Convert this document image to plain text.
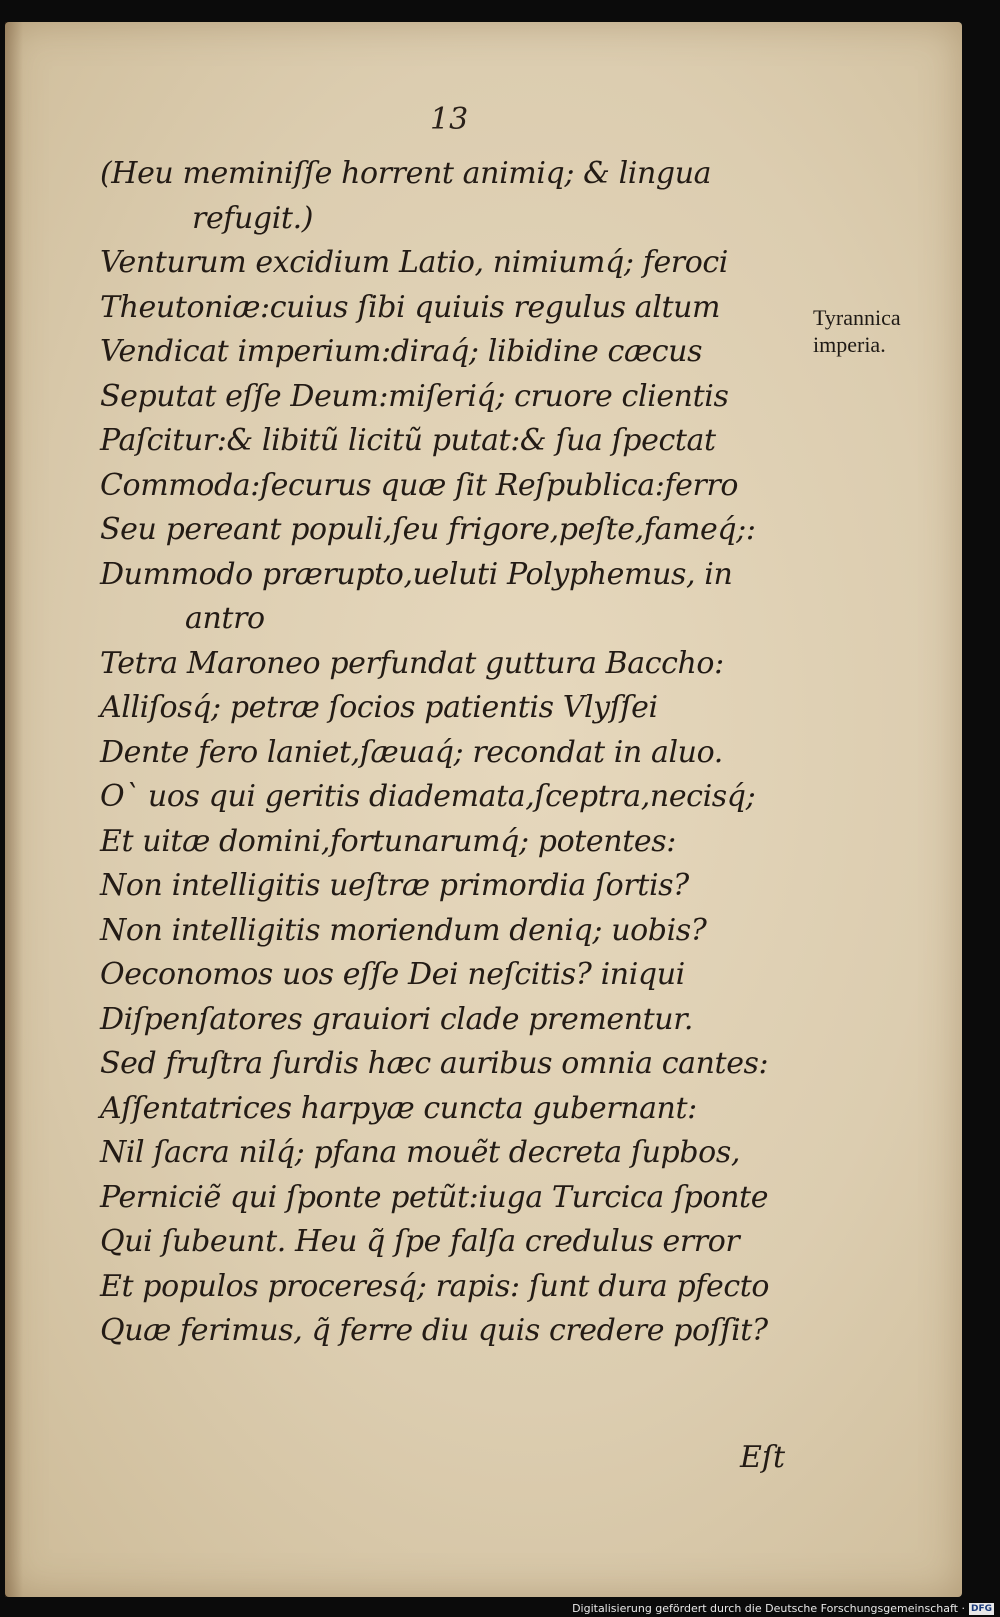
13
(Heu meminiſſe horrent animiq; & lingua
refugit.)
Venturum excidium Latio, nimiumq́; feroci
Theutoniæ:cuius ſibi quiuis regulus altum
Vendicat imperium:diraq́; libidine cæcus
Seputat eſſe Deum:miſeriq́; cruore clientis
Paſcitur:& libitũ licitũ putat:& ſua ſpectat
Commoda:ſecurus quæ ſit Reſpublica:ferro
Seu pereant populi,ſeu frigore,peſte,fameq́;:
Dummodo prærupto,ueluti Polyphemus, in
antro
Tetra Maroneo perfundat guttura Baccho:
Alliſosq́; petræ ſocios patientis Vlyſſei
Dente fero laniet,ſæuaq́; recondat in aluo.
O` uos qui geritis diademata,ſceptra,necisq́;
Et uitæ domini,fortunarumq́; potentes:
Non intelligitis ueſtræ primordia ſortis?
Non intelligitis moriendum deniq; uobis?
Oeconomos uos eſſe Dei neſcitis? iniqui
Diſpenſatores grauiori clade prementur.
Sed fruſtra ſurdis hæc auribus omnia cantes:
Aſſentatrices harpyæ cuncta gubernant:
Nil ſacra nilq́; pfana mouẽt decreta ſupbos,
Perniciẽ qui ſponte petũt:iuga Turcica ſponte
Qui ſubeunt. Heu q̃ ſpe falſa credulus error
Et populos proceresq́; rapis: ſunt dura pfecto
Quæ ferimus, q̃ ferre diu quis credere poſſit?
Eſt
Tyrannica
imperia.
Digitalisierung gefördert durch die Deutsche Forschungsgemeinschaft · DFG
